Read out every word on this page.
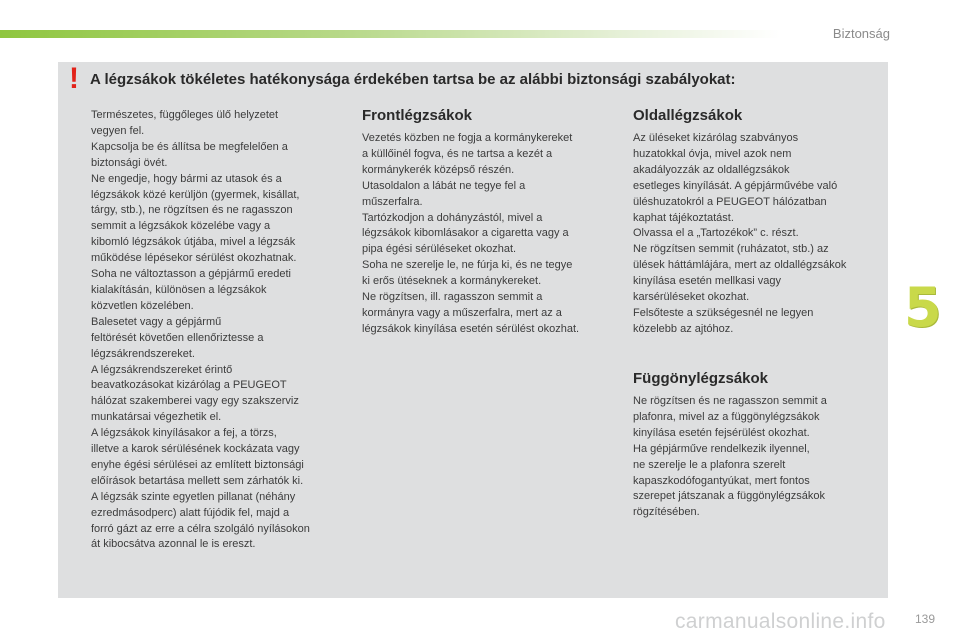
Biztonság
5
! A légzsákok tökéletes hatékonysága érdekében tartsa be az alábbi biztonsági szabályokat:

Természetes, függőleges ülő helyzetet

vegyen fel.

Kapcsolja be és állítsa be megfelelően a

biztonsági övét.

Ne engedje, hogy bármi az utasok és a

légzsákok közé kerüljön (gyermek, kisállat,

tárgy, stb.), ne rögzítsen és ne ragasszon

semmit a légzsákok közelébe vagy a

kibomló légzsákok útjába, mivel a légzsák

működése lépésekor sérülést okozhatnak.

Soha ne változtasson a gépjármű eredeti

kialakításán, különösen a légzsákok

közvetlen közelében.

Balesetet vagy a gépjármű

feltörését követően ellenőriztesse a

légzsákrendszereket.

A légzsákrendszereket érintő

beavatkozásokat kizárólag a PEUGEOT

hálózat szakemberei vagy egy szakszerviz

munkatársai végezhetik el.

A légzsákok kinyílásakor a fej, a törzs,

illetve a karok sérülésének kockázata vagy

enyhe égési sérülései az említett biztonsági

előírások betartása mellett sem zárhatók ki.

A légzsák szinte egyetlen pillanat (néhány

ezredmásodperc) alatt fújódik fel, majd a

forró gázt az erre a célra szolgáló nyílásokon

át kibocsátva azonnal le is ereszt.

Frontlégzsákok

Vezetés közben ne fogja a kormánykereket

a küllőinél fogva, és ne tartsa a kezét a

kormánykerék középső részén.

Utasoldalon a lábát ne tegye fel a

műszerfalra.

Tartózkodjon a dohányzástól, mivel a

légzsákok kibomlásakor a cigaretta vagy a

pipa égési sérüléseket okozhat.

Soha ne szerelje le, ne fúrja ki, és ne tegye

ki erős ütéseknek a kormánykereket.

Ne rögzítsen, ill. ragasszon semmit a

kormányra vagy a műszerfalra, mert az a

légzsákok kinyílása esetén sérülést okozhat.

Oldallégzsákok

Az üléseket kizárólag szabványos

huzatokkal óvja, mivel azok nem

akadályozzák az oldallégzsákok

esetleges kinyílását. A gépjárművébe való

üléshuzatokról a PEUGEOT hálózatban

kaphat tájékoztatást.

Olvassa el a „Tartozékok” c. részt.

Ne rögzítsen semmit (ruházatot, stb.) az

ülések háttámlájára, mert az oldallégzsákok

kinyílása esetén mellkasi vagy

karsérüléseket okozhat.

Felsőteste a szükségesnél ne legyen

közelebb az ajtóhoz.

Függönylégzsákok

Ne rögzítsen és ne ragasszon semmit a

plafonra, mivel az a függönylégzsákok

kinyílása esetén fejsérülést okozhat.

Ha gépjárműve rendelkezik ilyennel,

ne szerelje le a plafonra szerelt

kapaszkodófogantyúkat, mert fontos

szerepet játszanak a függönylégzsákok

rögzítésében.

carmanualsonline.info 139
